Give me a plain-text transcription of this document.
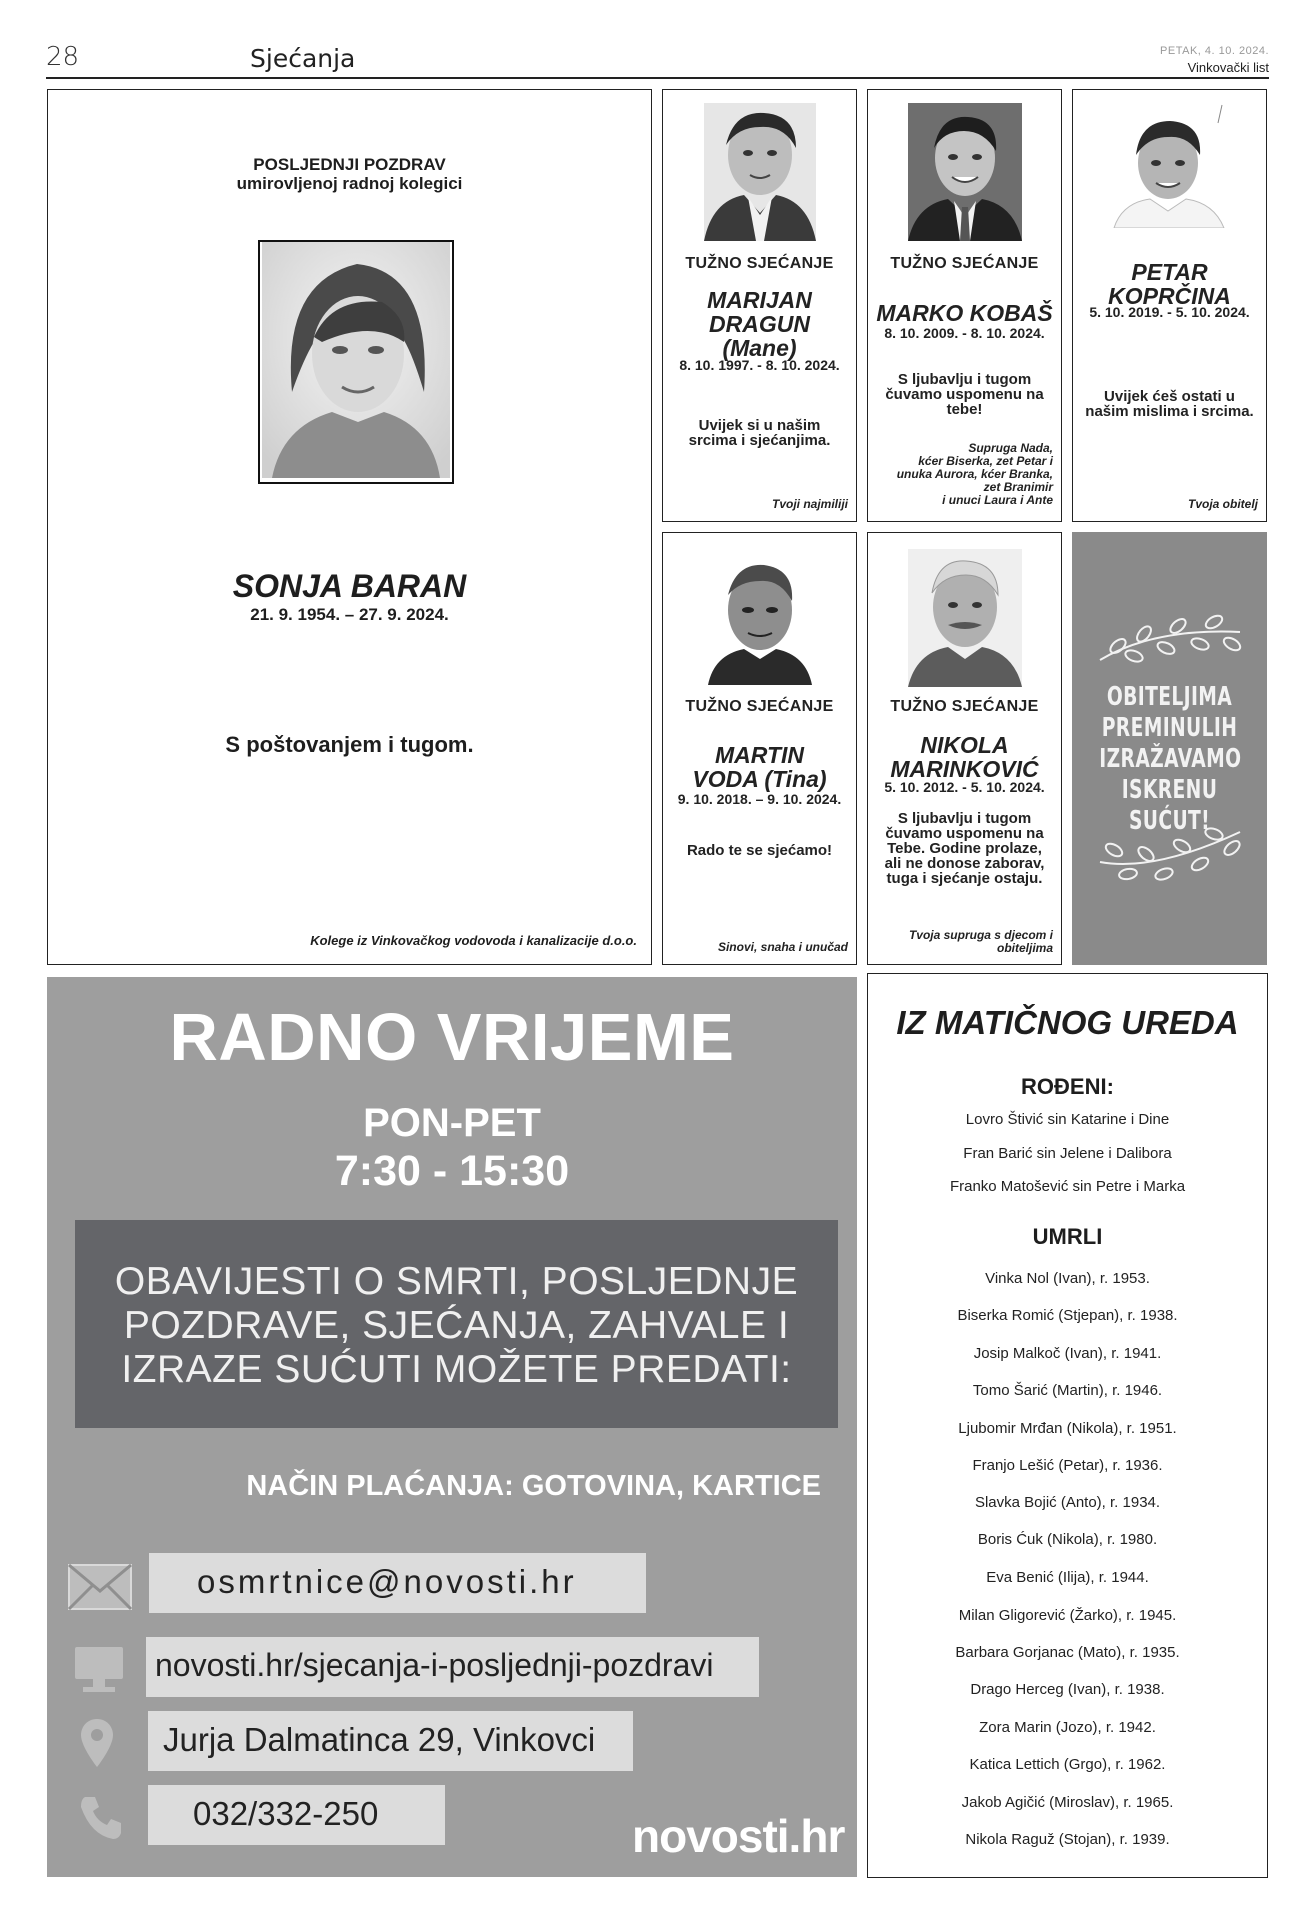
28	Sjećanja	PETAK, 4. 10. 2024.
Vinkovački list
POSLJEDNJI POZDRAV
umirovljenoj radnoj kolegici
SONJA BARAN
21. 9. 1954. – 27. 9. 2024.
S poštovanjem i tugom.
Kolege iz Vinkovačkog vodovoda i kanalizacije d.o.o.
TUŽNO SJEĆANJE
MARIJAN
DRAGUN
(Mane)
8. 10. 1997. - 8. 10. 2024.
Uvijek si u našim
srcima i sjećanjima.
Tvoji najmiliji
TUŽNO SJEĆANJE
MARKO KOBAŠ
8. 10. 2009. - 8. 10. 2024.
S ljubavlju i tugom
čuvamo uspomenu na
tebe!
Supruga Nada,
kćer Biserka, zet Petar i
unuka Aurora, kćer Branka,
zet Branimir
i unuci Laura i Ante
PETAR
KOPRČINA
5. 10. 2019. - 5. 10. 2024.
Uvijek ćeš ostati u
našim mislima i srcima.
Tvoja obitelj
TUŽNO SJEĆANJE
MARTIN
VODA (Tina)
9. 10. 2018. – 9. 10. 2024.
Rado te se sjećamo!
Sinovi, snaha i unučad
TUŽNO SJEĆANJE
NIKOLA
MARINKOVIĆ
5. 10. 2012. - 5. 10. 2024.
S ljubavlju i tugom
čuvamo uspomenu na
Tebe. Godine prolaze,
ali ne donose zaborav,
tuga i sjećanje ostaju.
Tvoja supruga s djecom i
obiteljima
OBITELJIMA
PREMINULIH
IZRAŽAVAMO
ISKRENU SUĆUT!
RADNO VRIJEME
PON-PET
7:30 - 15:30
OBAVIJESTI O SMRTI, POSLJEDNJE
POZDRAVE, SJEĆANJA, ZAHVALE I
IZRAZE SUĆUTI MOŽETE PREDATI:
NAČIN PLAĆANJA: GOTOVINA, KARTICE
osmrtnice@novosti.hr
novosti.hr/sjecanja-i-posljednji-pozdravi
Jurja Dalmatinca 29, Vinkovci
032/332-250	novosti.hr
IZ MATIČNOG UREDA
ROĐENI:
Lovro Štivić sin Katarine i Dine
Fran Barić sin Jelene i Dalibora
Franko Matošević sin Petre i Marka
UMRLI
Vinka Nol (Ivan), r. 1953.
Biserka Romić (Stjepan), r. 1938.
Josip Malkoč (Ivan), r. 1941.
Tomo Šarić (Martin), r. 1946.
Ljubomir Mrđan (Nikola), r. 1951.
Franjo Lešić (Petar), r. 1936.
Slavka Bojić (Anto), r. 1934.
Boris Ćuk (Nikola), r. 1980.
Eva Benić (Ilija), r. 1944.
Milan Gligorević (Žarko), r. 1945.
Barbara Gorjanac (Mato), r. 1935.
Drago Herceg (Ivan), r. 1938.
Zora Marin (Jozo), r. 1942.
Katica Lettich (Grgo), r. 1962.
Jakob Agičić (Miroslav), r. 1965.
Nikola Raguž (Stojan), r. 1939.
